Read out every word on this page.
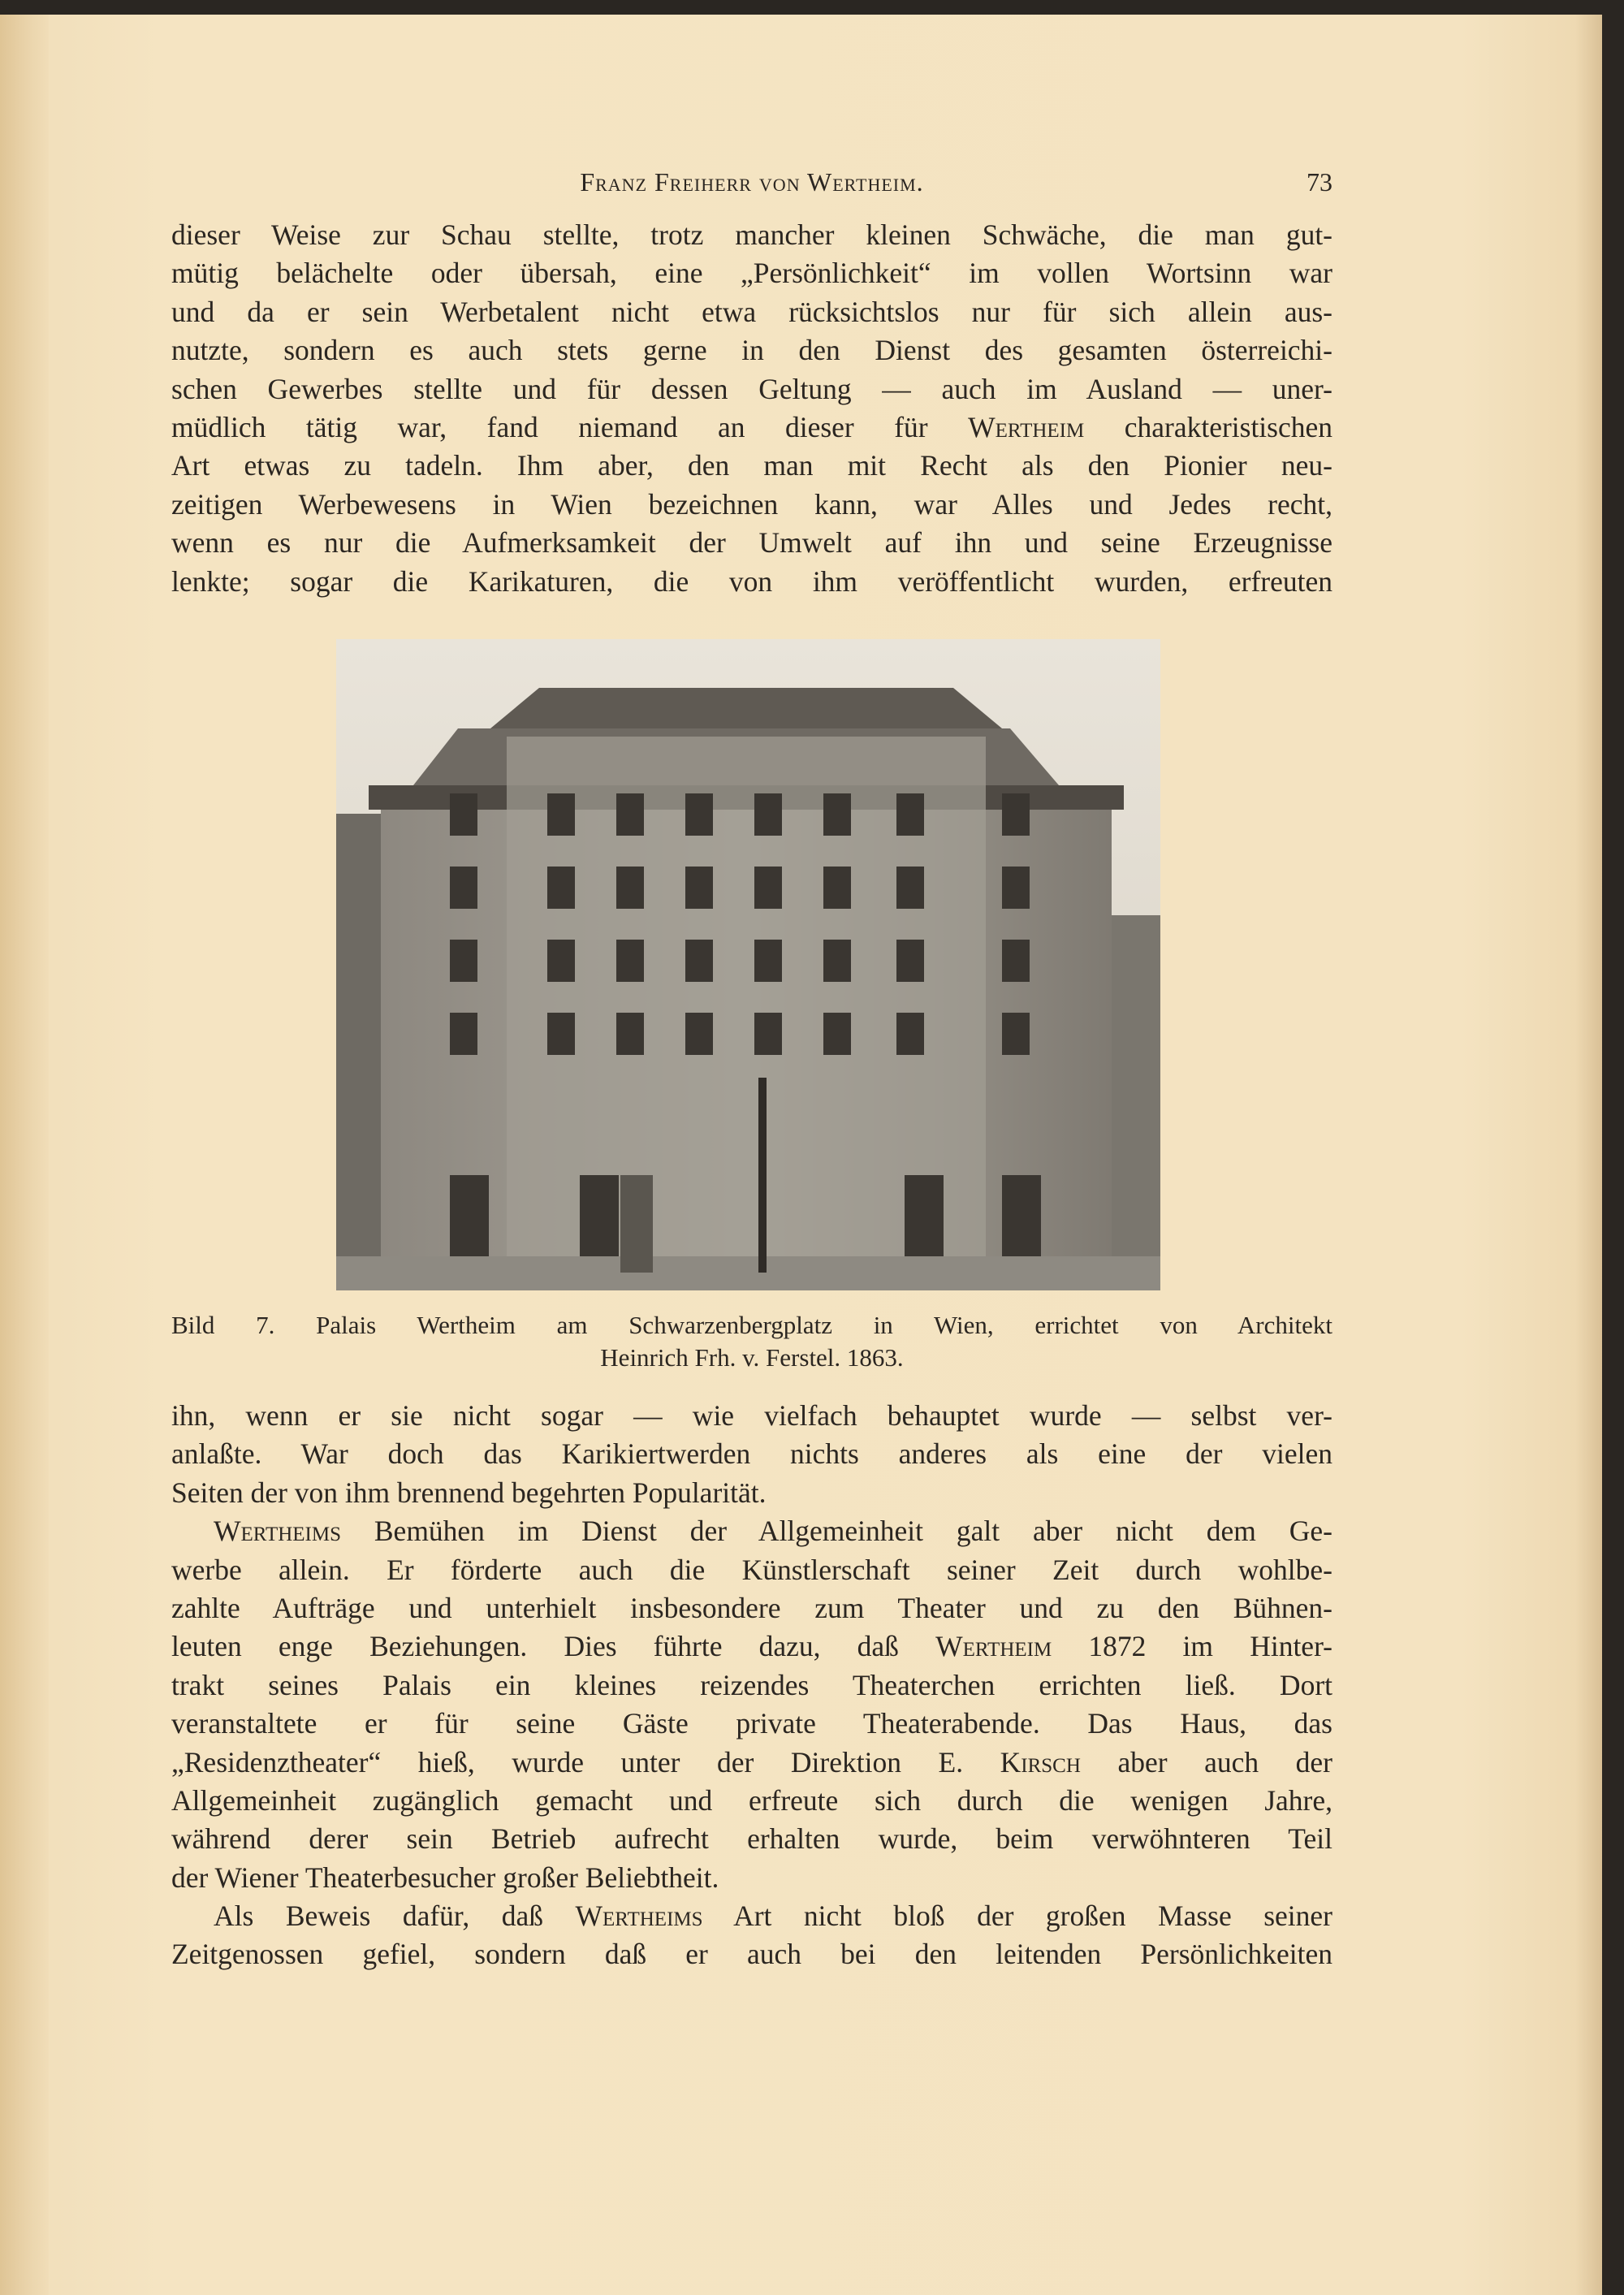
Franz Freiherr von Wertheim.	73
dieser Weise zur Schau stellte, trotz mancher kleinen Schwäche, die man gut-
mütig belächelte oder übersah, eine „Persönlichkeit“ im vollen Wortsinn war
und da er sein Werbetalent nicht etwa rücksichtslos nur für sich allein aus-
nutzte, sondern es auch stets gerne in den Dienst des gesamten österreichi-
schen Gewerbes stellte und für dessen Geltung — auch im Ausland — uner-
müdlich tätig war, fand niemand an dieser für Wertheim charakteristischen
Art etwas zu tadeln. Ihm aber, den man mit Recht als den Pionier neu-
zeitigen Werbewesens in Wien bezeichnen kann, war Alles und Jedes recht,
wenn es nur die Aufmerksamkeit der Umwelt auf ihn und seine Erzeugnisse
lenkte; sogar die Karikaturen, die von ihm veröffentlicht wurden, erfreuten
Bild 7. Palais Wertheim am Schwarzenbergplatz in Wien, errichtet von Architekt
Heinrich Frh. v. Ferstel. 1863.
ihn, wenn er sie nicht sogar — wie vielfach behauptet wurde — selbst ver-
anlaßte. War doch das Karikiertwerden nichts anderes als eine der vielen
Seiten der von ihm brennend begehrten Popularität.
Wertheims Bemühen im Dienst der Allgemeinheit galt aber nicht dem Ge-
werbe allein. Er förderte auch die Künstlerschaft seiner Zeit durch wohlbe-
zahlte Aufträge und unterhielt insbesondere zum Theater und zu den Bühnen-
leuten enge Beziehungen. Dies führte dazu, daß Wertheim 1872 im Hinter-
trakt seines Palais ein kleines reizendes Theaterchen errichten ließ. Dort
veranstaltete er für seine Gäste private Theaterabende. Das Haus, das
„Residenztheater“ hieß, wurde unter der Direktion E. Kirsch aber auch der
Allgemeinheit zugänglich gemacht und erfreute sich durch die wenigen Jahre,
während derer sein Betrieb aufrecht erhalten wurde, beim verwöhnteren Teil
der Wiener Theaterbesucher großer Beliebtheit.
Als Beweis dafür, daß Wertheims Art nicht bloß der großen Masse seiner
Zeitgenossen gefiel, sondern daß er auch bei den leitenden Persönlichkeiten
